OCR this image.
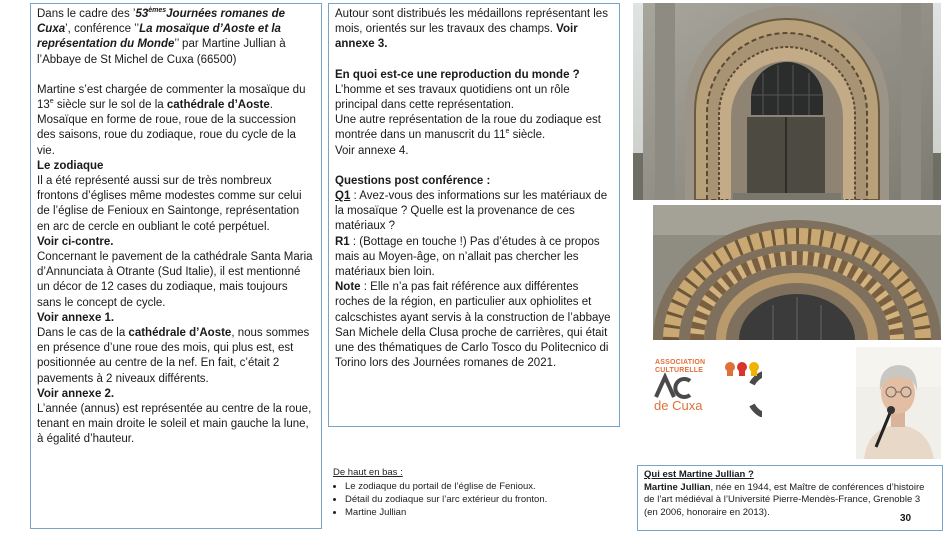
Dans le cadre des ’53èmesJournées romanes de Cuxa’, conférence ’’La mosaïque d’Aoste et la représentation du Monde’’ par Martine Jullian à l’Abbaye de St Michel de Cuxa (66500)

Martine s’est chargée de commenter la mosaïque du 13e siècle sur le sol de la cathédrale d’Aoste. Mosaïque en forme de roue, roue de la succession des saisons, roue du zodiaque, roue du cycle de la vie.

Le zodiaque

Il a été représenté aussi sur de très nombreux frontons d’églises même modestes comme sur celui de l’église de Fenioux en Saintonge, représentation en arc de cercle en oubliant le coté perpétuel.

Voir ci-contre.

Concernant le pavement de la cathédrale Santa Maria d’Annunciata à Otrante (Sud Italie), il est mentionné un décor de 12 cases du zodiaque, mais toujours sans le concept de cycle.

Voir annexe 1.

Dans le cas de la cathédrale d’Aoste, nous sommes en présence d’une roue des mois, qui plus est, est positionnée au centre de la nef. En fait, c’était 2 pavements à 2 niveaux différents.

Voir annexe 2.

L’année (annus) est représentée au centre de la roue, tenant en main droite le soleil et main gauche la lune, à égalité d’hauteur.

Autour sont distribués les médaillons représentant les mois, orientés sur les travaux des champs. Voir annexe 3.

En quoi est-ce une reproduction du monde ?

L’homme et ses travaux quotidiens ont un rôle principal dans cette représentation.

Une autre représentation de la roue du zodiaque est montrée dans un manuscrit du 11e siècle.

Voir annexe 4.

Questions post conférence :

Q1 : Avez-vous des informations sur les matériaux de la mosaïque ? Quelle est la provenance de ces matériaux ?

R1 : (Bottage en touche !) Pas d’études à ce propos mais au Moyen-âge, on n’allait pas chercher les matériaux bien loin.

Note : Elle n’a pas fait référence aux différentes roches de la région, en particulier aux ophiolites et calcschistes ayant servis à la construction de l’abbaye San Michele della Clusa proche de carrières, qui était une des thématiques de Carlo Tosco du Politecnico di Torino lors des Journées romanes de 2021.

De haut en bas :
• Le zodiaque du portail de l’église de Fenioux.
• Détail du zodiaque sur l’arc extérieur du fronton.
• Martine Jullian
ASSOCIATION
CULTURELLE
de Cuxa
Qui est Martine Jullian ?
Martine Jullian, née en 1944, est Maître de conférences d’histoire de l’art médiéval à l’Université Pierre-Mendès-France, Grenoble 3 (en 2006, honoraire en 2013).
30
